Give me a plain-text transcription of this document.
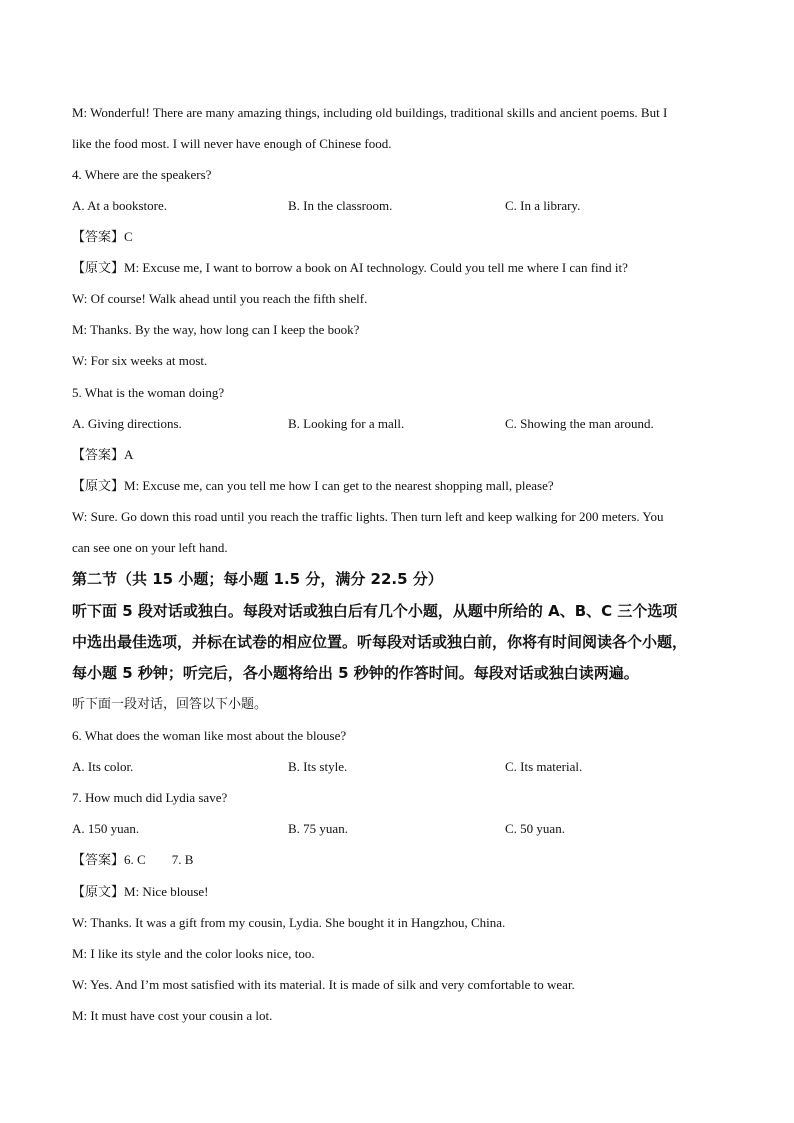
M: Wonderful! There are many amazing things, including old buildings, traditional skills and ancient poems. But I
like the food most. I will never have enough of Chinese food.
4. Where are the speakers?
A. At a bookstore.	B. In the classroom.	C. In a library.
【答案】C
【原文】M: Excuse me, I want to borrow a book on AI technology. Could you tell me where I can find it?
W: Of course! Walk ahead until you reach the fifth shelf.
M: Thanks. By the way, how long can I keep the book?
W: For six weeks at most.
5. What is the woman doing?
A. Giving directions.	B. Looking for a mall.	C. Showing the man around.
【答案】A
【原文】M: Excuse me, can you tell me how I can get to the nearest shopping mall, please?
W: Sure. Go down this road until you reach the traffic lights. Then turn left and keep walking for 200 meters. You
can see one on your left hand.
第二节（共 15 小题；每小题 1.5 分，满分 22.5 分）
听下面 5 段对话或独白。每段对话或独白后有几个小题，从题中所给的 A、B、C 三个选项
中选出最佳选项，并标在试卷的相应位置。听每段对话或独白前，你将有时间阅读各个小题，
每小题 5 秒钟；听完后，各小题将给出 5 秒钟的作答时间。每段对话或独白读两遍。
听下面一段对话，回答以下小题。
6. What does the woman like most about the blouse?
A. Its color.	B. Its style.	C. Its material.
7. How much did Lydia save?
A. 150 yuan.	B. 75 yuan.	C. 50 yuan.
【答案】6. C 7. B
【原文】M: Nice blouse!
W: Thanks. It was a gift from my cousin, Lydia. She bought it in Hangzhou, China.
M: I like its style and the color looks nice, too.
W: Yes. And I’m most satisfied with its material. It is made of silk and very comfortable to wear.
M: It must have cost your cousin a lot.
